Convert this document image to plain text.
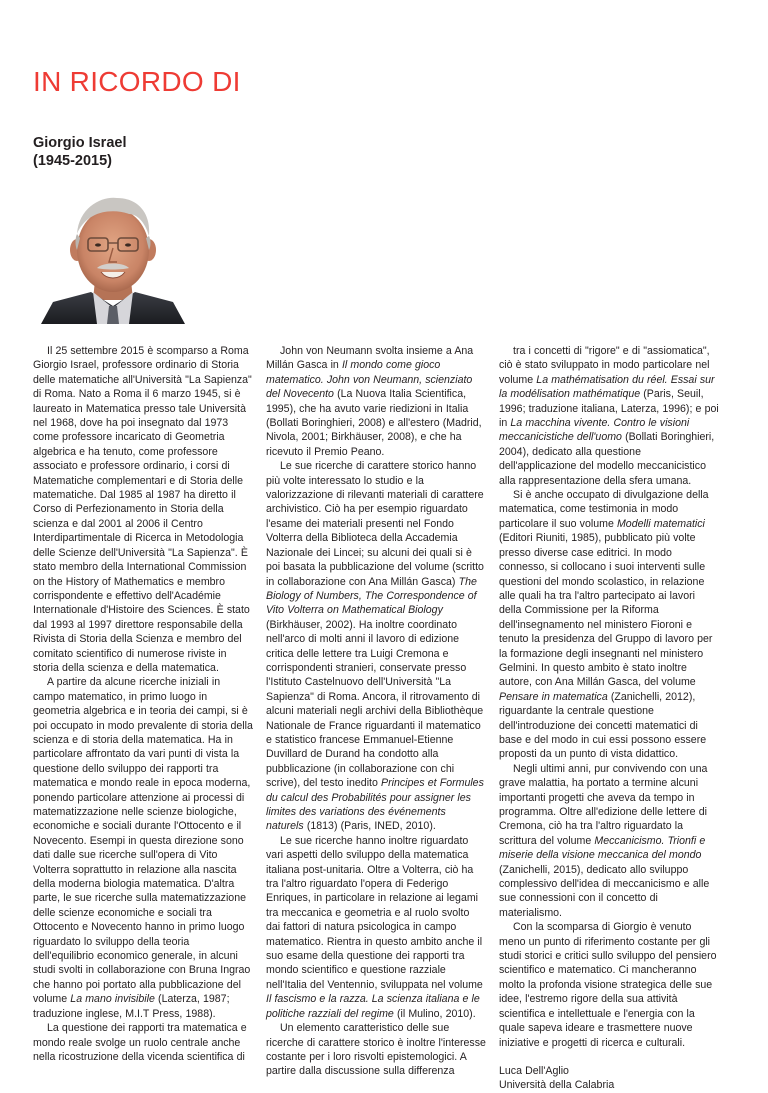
IN RICORDO DI
Giorgio Israel
(1945-2015)

Il 25 settembre 2015 è scomparso a Roma Giorgio Israel, professore ordinario di Storia delle matematiche all'Università "La Sapienza" di Roma. Nato a Roma il 6 marzo 1945, si è laureato in Matematica presso tale Università nel 1968, dove ha poi insegnato dal 1973 come professore incaricato di Geometria algebrica e ha tenuto, come professore associato e professore ordinario, i corsi di Matematiche complementari e di Storia delle matematiche. Dal 1985 al 1987 ha diretto il Corso di Perfezionamento in Storia della scienza e dal 2001 al 2006 il Centro Interdipartimentale di Ricerca in Metodologia delle Scienze dell'Università "La Sapienza". È stato membro della International Commission on the History of Mathematics e membro corrispondente e effettivo dell'Académie Internationale d'Histoire des Sciences. È stato dal 1993 al 1997 direttore responsabile della Rivista di Storia della Scienza e membro del comitato scientifico di numerose riviste in storia della scienza e della matematica.

A partire da alcune ricerche iniziali in campo matematico, in primo luogo in geometria algebrica e in teoria dei campi, si è poi occupato in modo prevalente di storia della scienza e di storia della matematica. Ha in particolare affrontato da vari punti di vista la questione dello sviluppo dei rapporti tra matematica e mondo reale in epoca moderna, ponendo particolare attenzione ai processi di matematizzazione nelle scienze biologiche, economiche e sociali durante l'Ottocento e il Novecento. Esempi in questa direzione sono dati dalle sue ricerche sull'opera di Vito Volterra soprattutto in relazione alla nascita della moderna biologia matematica. D'altra parte, le sue ricerche sulla matematizzazione delle scienze economiche e sociali tra Ottocento e Novecento hanno in primo luogo riguardato lo sviluppo della teoria dell'equilibrio economico generale, in alcuni studi svolti in collaborazione con Bruna Ingrao che hanno poi portato alla pubblicazione del volume La mano invisibile (Laterza, 1987; traduzione inglese, M.I.T Press, 1988).

La questione dei rapporti tra matematica e mondo reale svolge un ruolo centrale anche nella ricostruzione della vicenda scientifica di

John von Neumann svolta insieme a Ana Millán Gasca in Il mondo come gioco matematico. John von Neumann, scienziato del Novecento (La Nuova Italia Scientifica, 1995), che ha avuto varie riedizioni in Italia (Bollati Boringhieri, 2008) e all'estero (Madrid, Nivola, 2001; Birkhäuser, 2008), e che ha ricevuto il Premio Peano.

Le sue ricerche di carattere storico hanno più volte interessato lo studio e la valorizzazione di rilevanti materiali di carattere archivistico. Ciò ha per esempio riguardato l'esame dei materiali presenti nel Fondo Volterra della Biblioteca della Accademia Nazionale dei Lincei; su alcuni dei quali si è poi basata la pubblicazione del volume (scritto in collaborazione con Ana Millán Gasca) The Biology of Numbers, The Correspondence of Vito Volterra on Mathematical Biology (Birkhäuser, 2002). Ha inoltre coordinato nell'arco di molti anni il lavoro di edizione critica delle lettere tra Luigi Cremona e corrispondenti stranieri, conservate presso l'Istituto Castelnuovo dell'Università "La Sapienza" di Roma. Ancora, il ritrovamento di alcuni materiali negli archivi della Bibliothèque Nationale de France riguardanti il matematico e statistico francese Emmanuel-Etienne Duvillard de Durand ha condotto alla pubblicazione (in collaborazione con chi scrive), del testo inedito Principes et Formules du calcul des Probabilités pour assigner les limites des variations des événements naturels (1813) (Paris, INED, 2010).

Le sue ricerche hanno inoltre riguardato vari aspetti dello sviluppo della matematica italiana post-unitaria. Oltre a Volterra, ciò ha tra l'altro riguardato l'opera di Federigo Enriques, in particolare in relazione ai legami tra meccanica e geometria e al ruolo svolto dai fattori di natura psicologica in campo matematico. Rientra in questo ambito anche il suo esame della questione dei rapporti tra mondo scientifico e questione razziale nell'Italia del Ventennio, sviluppata nel volume Il fascismo e la razza. La scienza italiana e le politiche razziali del regime (il Mulino, 2010).

Un elemento caratteristico delle sue ricerche di carattere storico è inoltre l'interesse costante per i loro risvolti epistemologici. A partire dalla discussione sulla differenza

tra i concetti di "rigore" e di "assiomatica", ciò è stato sviluppato in modo particolare nel volume La mathématisation du réel. Essai sur la modélisation mathématique (Paris, Seuil, 1996; traduzione italiana, Laterza, 1996); e poi in La macchina vivente. Contro le visioni meccanicistiche dell'uomo (Bollati Boringhieri, 2004), dedicato alla questione dell'applicazione del modello meccanicistico alla rappresentazione della sfera umana.

Si è anche occupato di divulgazione della matematica, come testimonia in modo particolare il suo volume Modelli matematici (Editori Riuniti, 1985), pubblicato più volte presso diverse case editrici. In modo connesso, si collocano i suoi interventi sulle questioni del mondo scolastico, in relazione alle quali ha tra l'altro partecipato ai lavori della Commissione per la Riforma dell'insegnamento nel ministero Fioroni e tenuto la presidenza del Gruppo di lavoro per la formazione degli insegnanti nel ministero Gelmini. In questo ambito è stato inoltre autore, con Ana Millán Gasca, del volume Pensare in matematica (Zanichelli, 2012), riguardante la centrale questione dell'introduzione dei concetti matematici di base e del modo in cui essi possono essere proposti da un punto di vista didattico.

Negli ultimi anni, pur convivendo con una grave malattia, ha portato a termine alcuni importanti progetti che aveva da tempo in programma. Oltre all'edizione delle lettere di Cremona, ciò ha tra l'altro riguardato la scrittura del volume Meccanicismo. Trionfi e miserie della visione meccanica del mondo (Zanichelli, 2015), dedicato allo sviluppo complessivo dell'idea di meccanicismo e alle sue connessioni con il concetto di materialismo.

Con la scomparsa di Giorgio è venuto meno un punto di riferimento costante per gli studi storici e critici sullo sviluppo del pensiero scientifico e matematico. Ci mancheranno molto la profonda visione strategica delle sue idee, l'estremo rigore della sua attività scientifica e intellettuale e l'energia con la quale sapeva ideare e trasmettere nuove iniziative e progetti di ricerca e culturali.

Luca Dell'Aglio
Università della Calabria
